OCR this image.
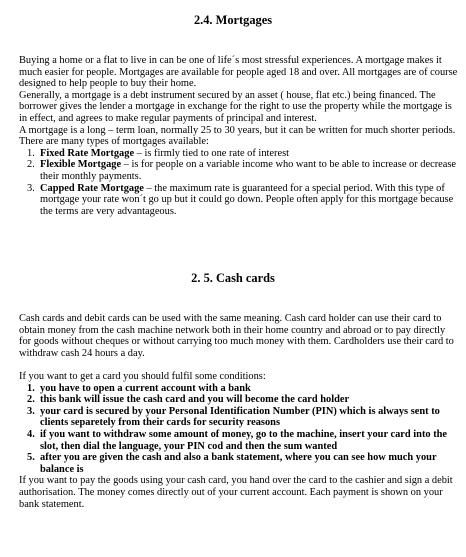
2.4. Mortgages

Buying a home or a flat to live in can be one of life´s most stressful experiences. A mortgage makes it much easier for people. Mortgages are available for people aged 18 and over. All mortgages are of course designed to help people to buy their home.

Generally, a mortgage is a debt instrument secured by an asset ( house, flat etc.) being financed. The borrower gives the lender a mortgage in exchange for the right to use the property while the mortgage is in effect, and agrees to make regular payments of principal and interest.

A mortgage is a long – term loan, normally 25 to 30 years, but it can be written for much shorter periods.

There are many types of mortgages available:

1. Fixed Rate Mortgage – is firmly tied to one rate of interest
2. Flexible Mortgage – is for people on a variable income who want to be able to increase or decrease their monthly payments.
3. Capped Rate Mortgage – the maximum rate is guaranteed for a special period. With this type of mortgage your rate won´t go up but it could go down. People often apply for this mortgage because the terms are very advantageous.
2. 5. Cash cards

Cash cards and debit cards can be used with the same meaning. Cash card holder can use their card to obtain money from the cash machine network both in their home country and abroad or to pay directly for goods without cheques or without carrying too much money with them. Cardholders use their card to withdraw cash 24 hours a day.

If you want to get a card you should fulfil some conditions:

1. you have to open a current account with a bank
2. this bank will issue the cash card and you will become the card holder
3. your card is secured by your Personal Identification Number (PIN) which is always sent to clients separetely from their cards for security reasons
4. if you want to withdraw some amount of money, go to the machine, insert your card into the slot, then dial the language, your PIN cod and then the sum wanted
5. after you are given the cash and also a bank statement, where you can see how much your balance is

If you want to pay the goods using your cash card, you hand over the card to the cashier and sign a debit authorisation. The money comes directly out of your current account. Each payment is shown on your bank statement.
